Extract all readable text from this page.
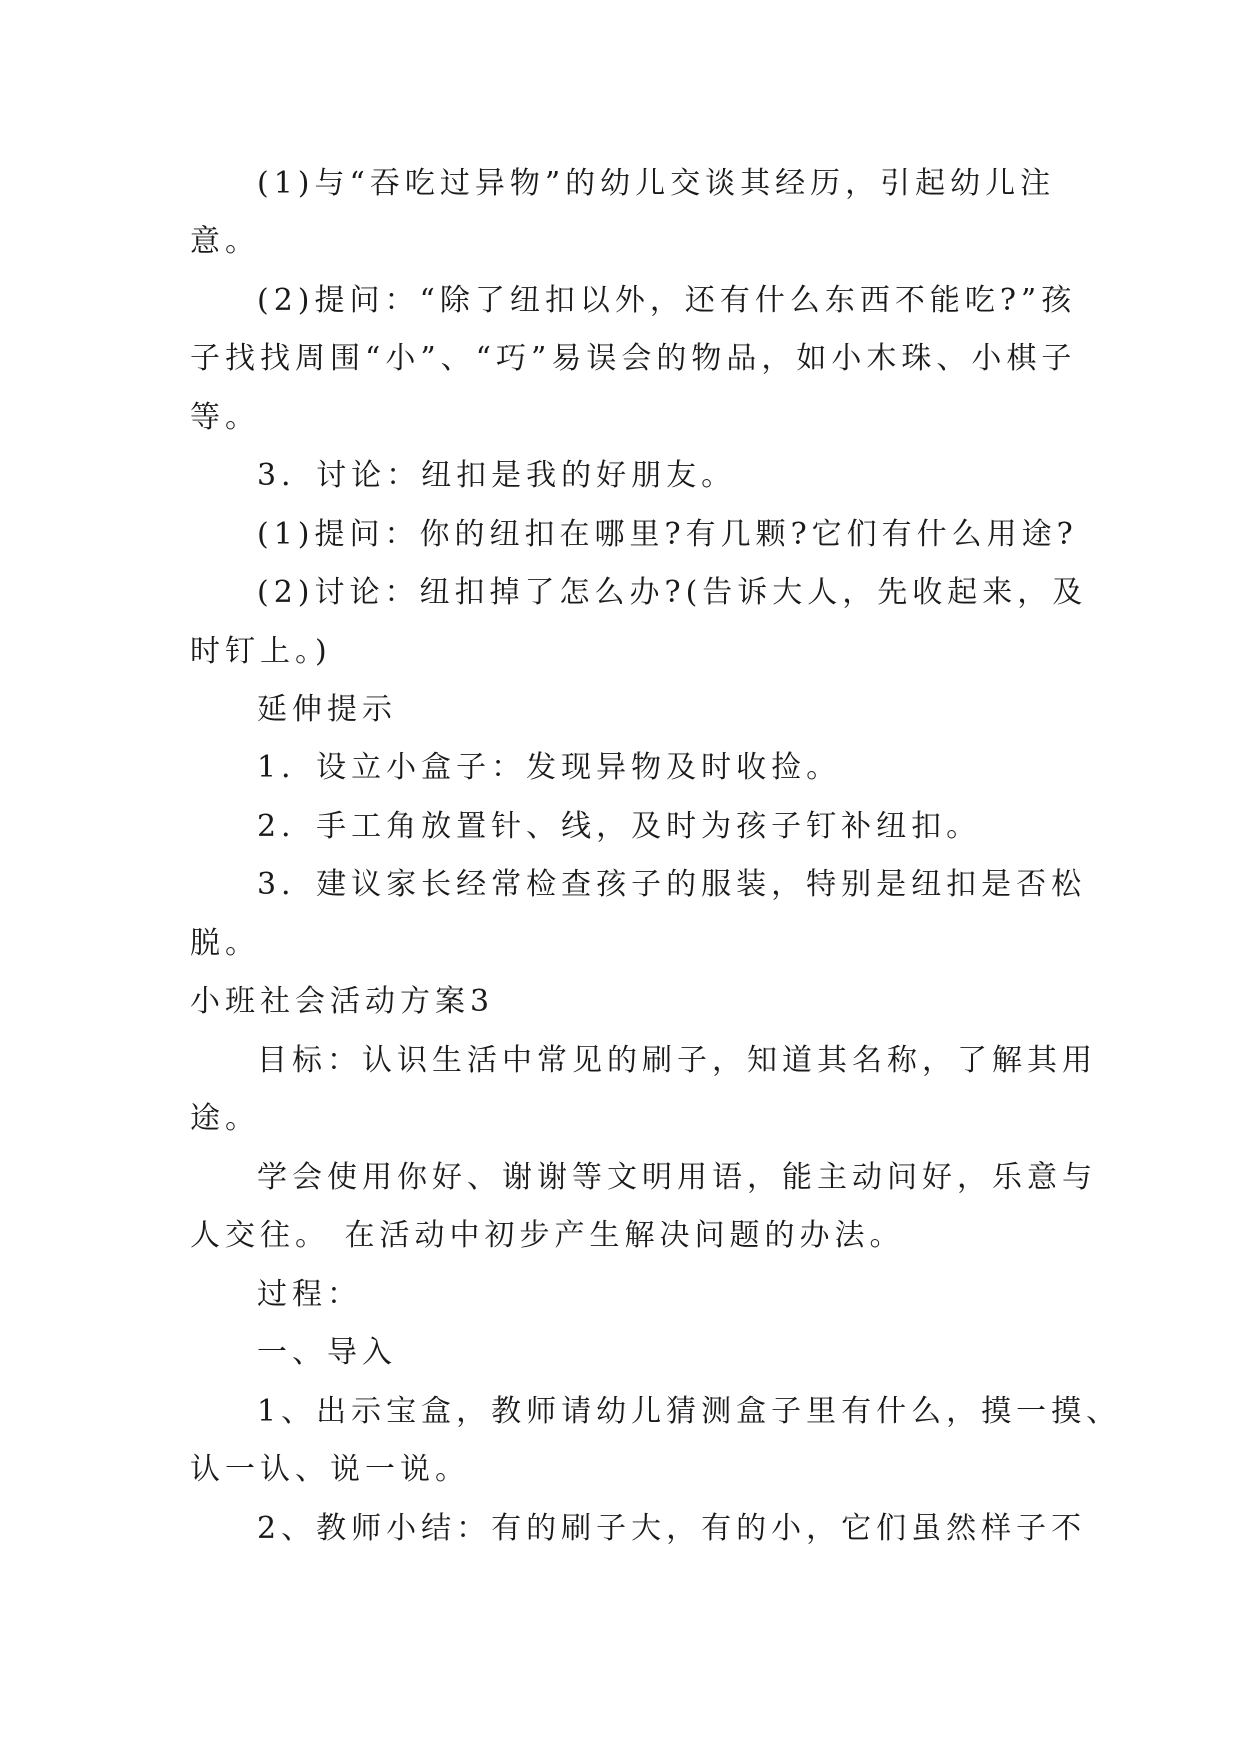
(1)与“吞吃过异物”的幼儿交谈其经历，引起幼儿注
意。
(2)提问：“除了纽扣以外，还有什么东西不能吃?”孩
子找找周围“小”、“巧”易误会的物品，如小木珠、小棋子
等。
3．讨论：纽扣是我的好朋友。
(1)提问：你的纽扣在哪里?有几颗?它们有什么用途?
(2)讨论：纽扣掉了怎么办?(告诉大人，先收起来，及
时钉上。)
延伸提示
1．设立小盒子：发现异物及时收捡。
2．手工角放置针、线，及时为孩子钉补纽扣。
3．建议家长经常检查孩子的服装，特别是纽扣是否松
脱。
小班社会活动方案3
目标：认识生活中常见的刷子，知道其名称，了解其用
途。
学会使用你好、谢谢等文明用语，能主动问好，乐意与
人交往。 在活动中初步产生解决问题的办法。
过程：
一、导入
1、出示宝盒，教师请幼儿猜测盒子里有什么，摸一摸、
认一认、说一说。
2、教师小结：有的刷子大，有的小，它们虽然样子不
